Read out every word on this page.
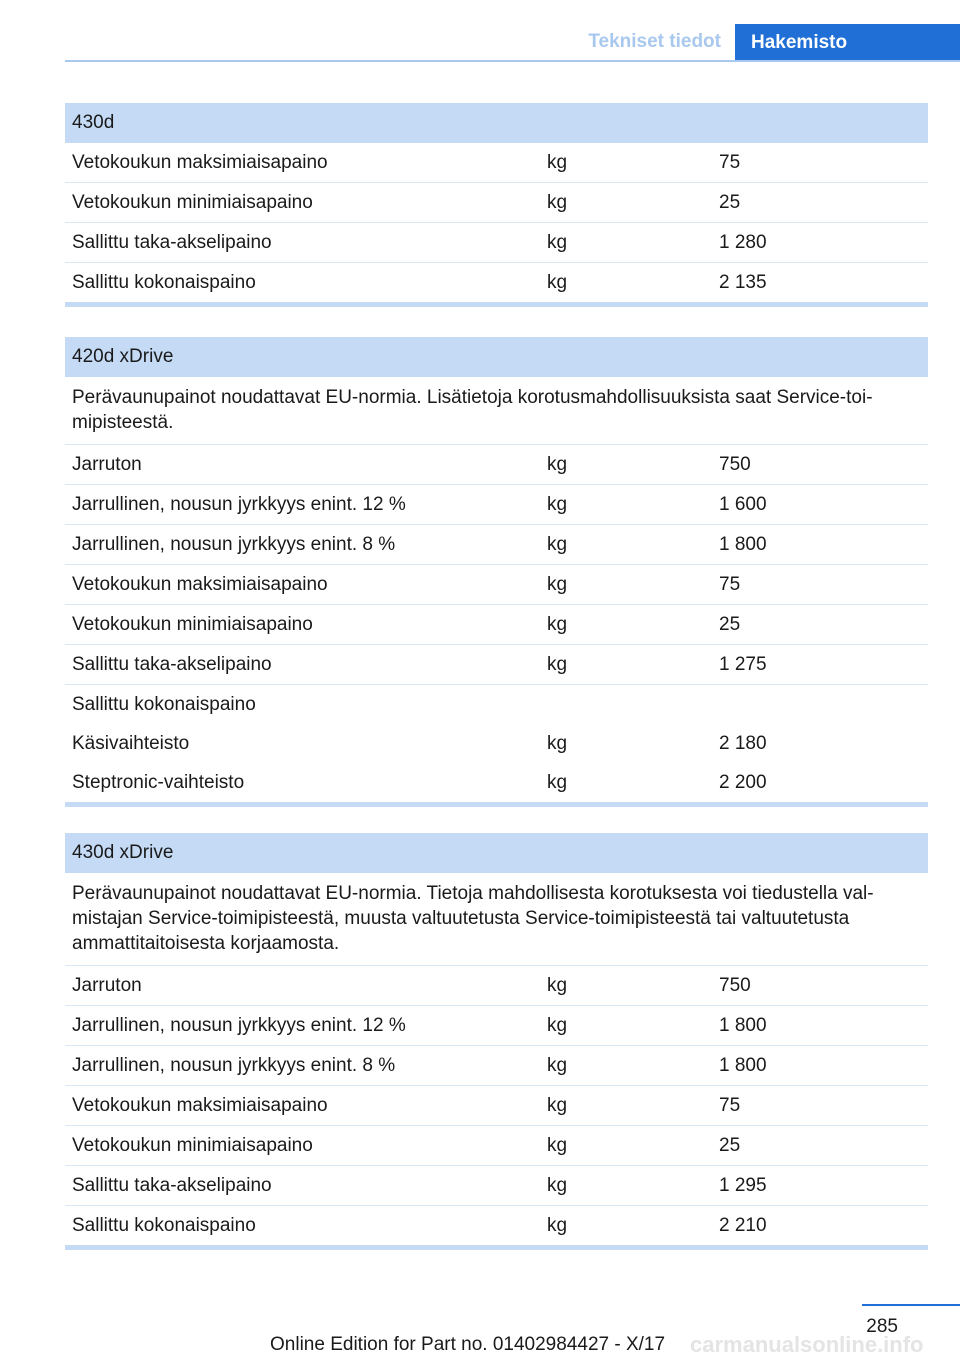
Tekniset tiedot	Hakemisto
430d
Vetokoukun maksimiaisapaino	kg	75
Vetokoukun minimiaisapaino	kg	25
Sallittu taka-akselipaino	kg	1 280
Sallittu kokonaispaino	kg	2 135
420d xDrive
Perävaunupainot noudattavat EU-normia. Lisätietoja korotusmahdollisuuksista saat Service-toimipisteestä.
Jarruton	kg	750
Jarrullinen, nousun jyrkkyys enint. 12 %	kg	1 600
Jarrullinen, nousun jyrkkyys enint. 8 %	kg	1 800
Vetokoukun maksimiaisapaino	kg	75
Vetokoukun minimiaisapaino	kg	25
Sallittu taka-akselipaino	kg	1 275
Sallittu kokonaispaino
Käsivaihteisto	kg	2 180
Steptronic-vaihteisto	kg	2 200
430d xDrive
Perävaunupainot noudattavat EU-normia. Tietoja mahdollisesta korotuksesta voi tiedustella valmistajan Service-toimipisteestä, muusta valtuutetusta Service-toimipisteestä tai valtuutetusta ammattitaitoisesta korjaamosta.
Jarruton	kg	750
Jarrullinen, nousun jyrkkyys enint. 12 %	kg	1 800
Jarrullinen, nousun jyrkkyys enint. 8 %	kg	1 800
Vetokoukun maksimiaisapaino	kg	75
Vetokoukun minimiaisapaino	kg	25
Sallittu taka-akselipaino	kg	1 295
Sallittu kokonaispaino	kg	2 210
285
Online Edition for Part no. 01402984427 - X/17 carmanualsonline.info
